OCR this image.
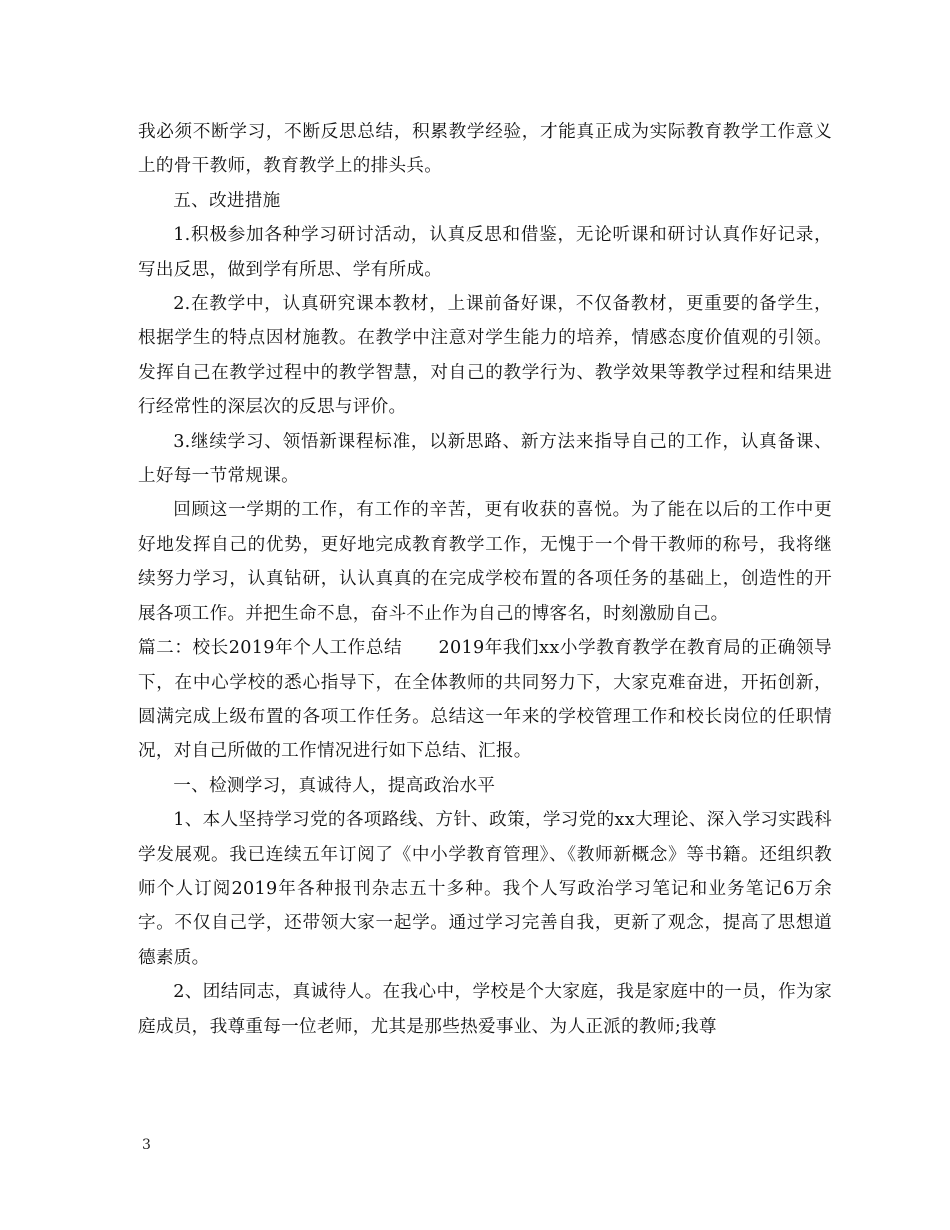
我必须不断学习，不断反思总结，积累教学经验，才能真正成为实际教育教学工作意义上的骨干教师，教育教学上的排头兵。

五、改进措施

1.积极参加各种学习研讨活动，认真反思和借鉴，无论听课和研讨认真作好记录，写出反思，做到学有所思、学有所成。

2.在教学中，认真研究课本教材，上课前备好课，不仅备教材，更重要的备学生，根据学生的特点因材施教。在教学中注意对学生能力的培养，情感态度价值观的引领。发挥自己在教学过程中的教学智慧，对自己的教学行为、教学效果等教学过程和结果进行经常性的深层次的反思与评价。

3.继续学习、领悟新课程标准，以新思路、新方法来指导自己的工作，认真备课、上好每一节常规课。

回顾这一学期的工作，有工作的辛苦，更有收获的喜悦。为了能在以后的工作中更好地发挥自己的优势，更好地完成教育教学工作，无愧于一个骨干教师的称号，我将继续努力学习，认真钻研，认认真真的在完成学校布置的各项任务的基础上，创造性的开展各项工作。并把生命不息，奋斗不止作为自己的博客名，时刻激励自己。

篇二：校长2019年个人工作总结　　2019年我们xx小学教育教学在教育局的正确领导下，在中心学校的悉心指导下，在全体教师的共同努力下，大家克难奋进，开拓创新，圆满完成上级布置的各项工作任务。总结这一年来的学校管理工作和校长岗位的任职情况，对自己所做的工作情况进行如下总结、汇报。

一、检测学习，真诚待人，提高政治水平

1、本人坚持学习党的各项路线、方针、政策，学习党的xx大理论、深入学习实践科学发展观。我已连续五年订阅了《中小学教育管理》、《教师新概念》等书籍。还组织教师个人订阅2019年各种报刊杂志五十多种。我个人写政治学习笔记和业务笔记6万余字。不仅自己学，还带领大家一起学。通过学习完善自我，更新了观念，提高了思想道德素质。

2、团结同志，真诚待人。在我心中，学校是个大家庭，我是家庭中的一员，作为家庭成员，我尊重每一位老师，尤其是那些热爱事业、为人正派的教师;我尊

3
